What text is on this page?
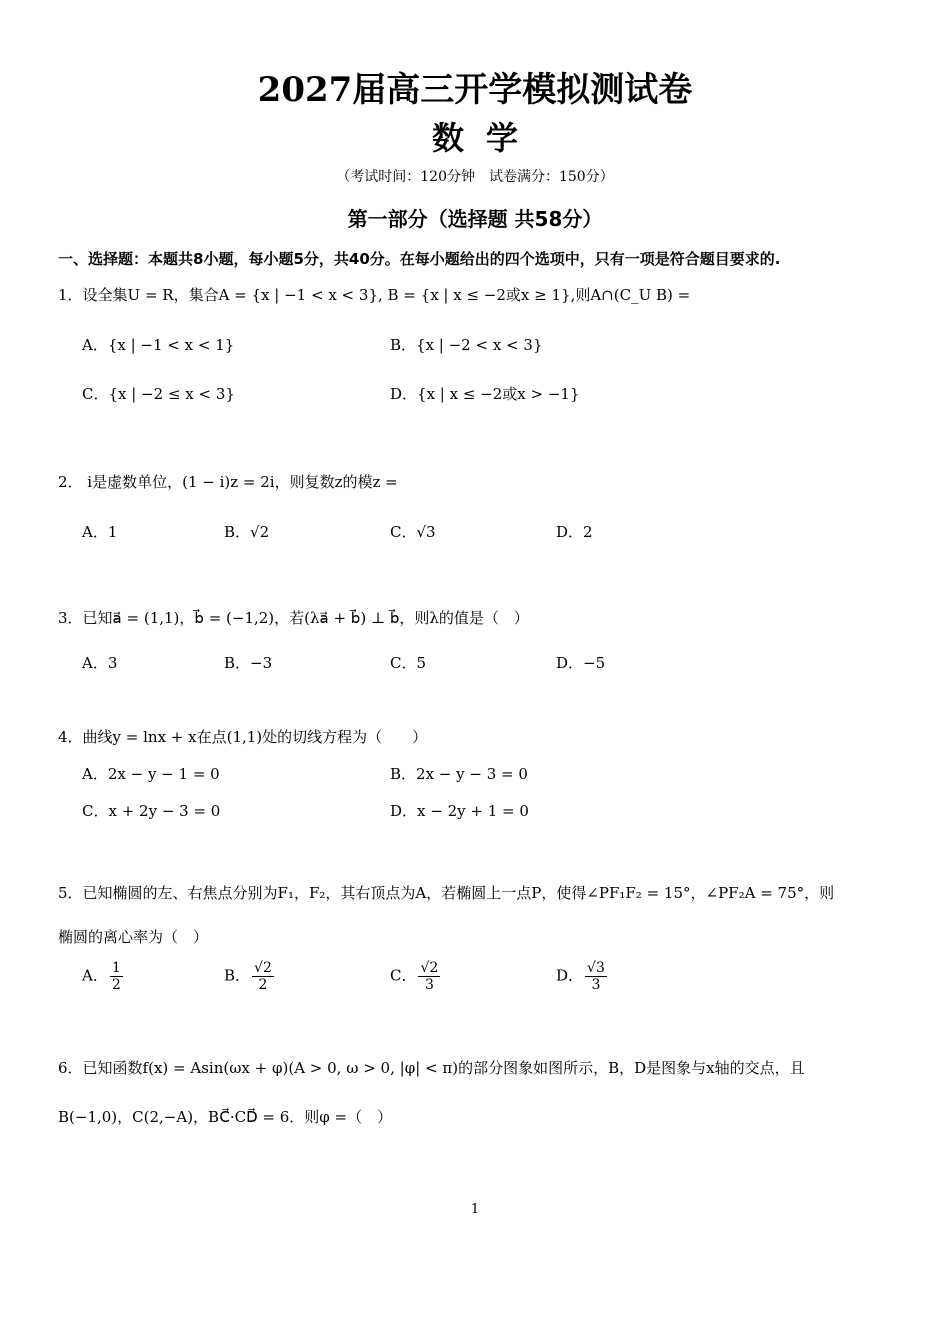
2027届高三开学模拟测试卷
数学
（考试时间：120分钟　试卷满分：150分）
第一部分（选择题 共58分）
一、选择题：本题共8小题，每小题5分，共40分。在每小题给出的四个选项中，只有一项是符合题目要求的.
1．设全集U = R，集合A = {x | −1 < x < 3}, B = {x | x ≤ −2或x ≥ 1},则A∩(C_U B) =
A．{x | −1 < x < 1}	B．{x | −2 < x < 3}
C．{x | −2 ≤ x < 3}	D．{x | x ≤ −2或x > −1}
2． i是虚数单位，(1 − i)z = 2i，则复数z的模z =
A．1	B．√2	C．√3	D．2
3．已知a⃗ = (1,1)，b⃗ = (−1,2)，若(λa⃗ + b⃗) ⊥ b⃗，则λ的值是（　）
A．3	B．−3	C．5	D．−5
4．曲线y = lnx + x在点(1,1)处的切线方程为（　　）
A．2x − y − 1 = 0	B．2x − y − 3 = 0
C．x + 2y − 3 = 0	D．x − 2y + 1 = 0
5．已知椭圆的左、右焦点分别为F₁，F₂，其右顶点为A，若椭圆上一点P，使得∠PF₁F₂ = 15°，∠PF₂A = 75°，则
椭圆的离心率为（　）
A． $\frac{1}{2}$	B． $\frac{√2}{2}$	C． $\frac{√2}{3}$	D． $\frac{√3}{3}$
6．已知函数f(x) = Asin(ωx + φ)(A > 0, ω > 0, |φ| < π)的部分图象如图所示，B，D是图象与x轴的交点，且
B(−1,0)，C(2,−A)，BC⃗·CD⃗ = 6．则φ =（　）
1
